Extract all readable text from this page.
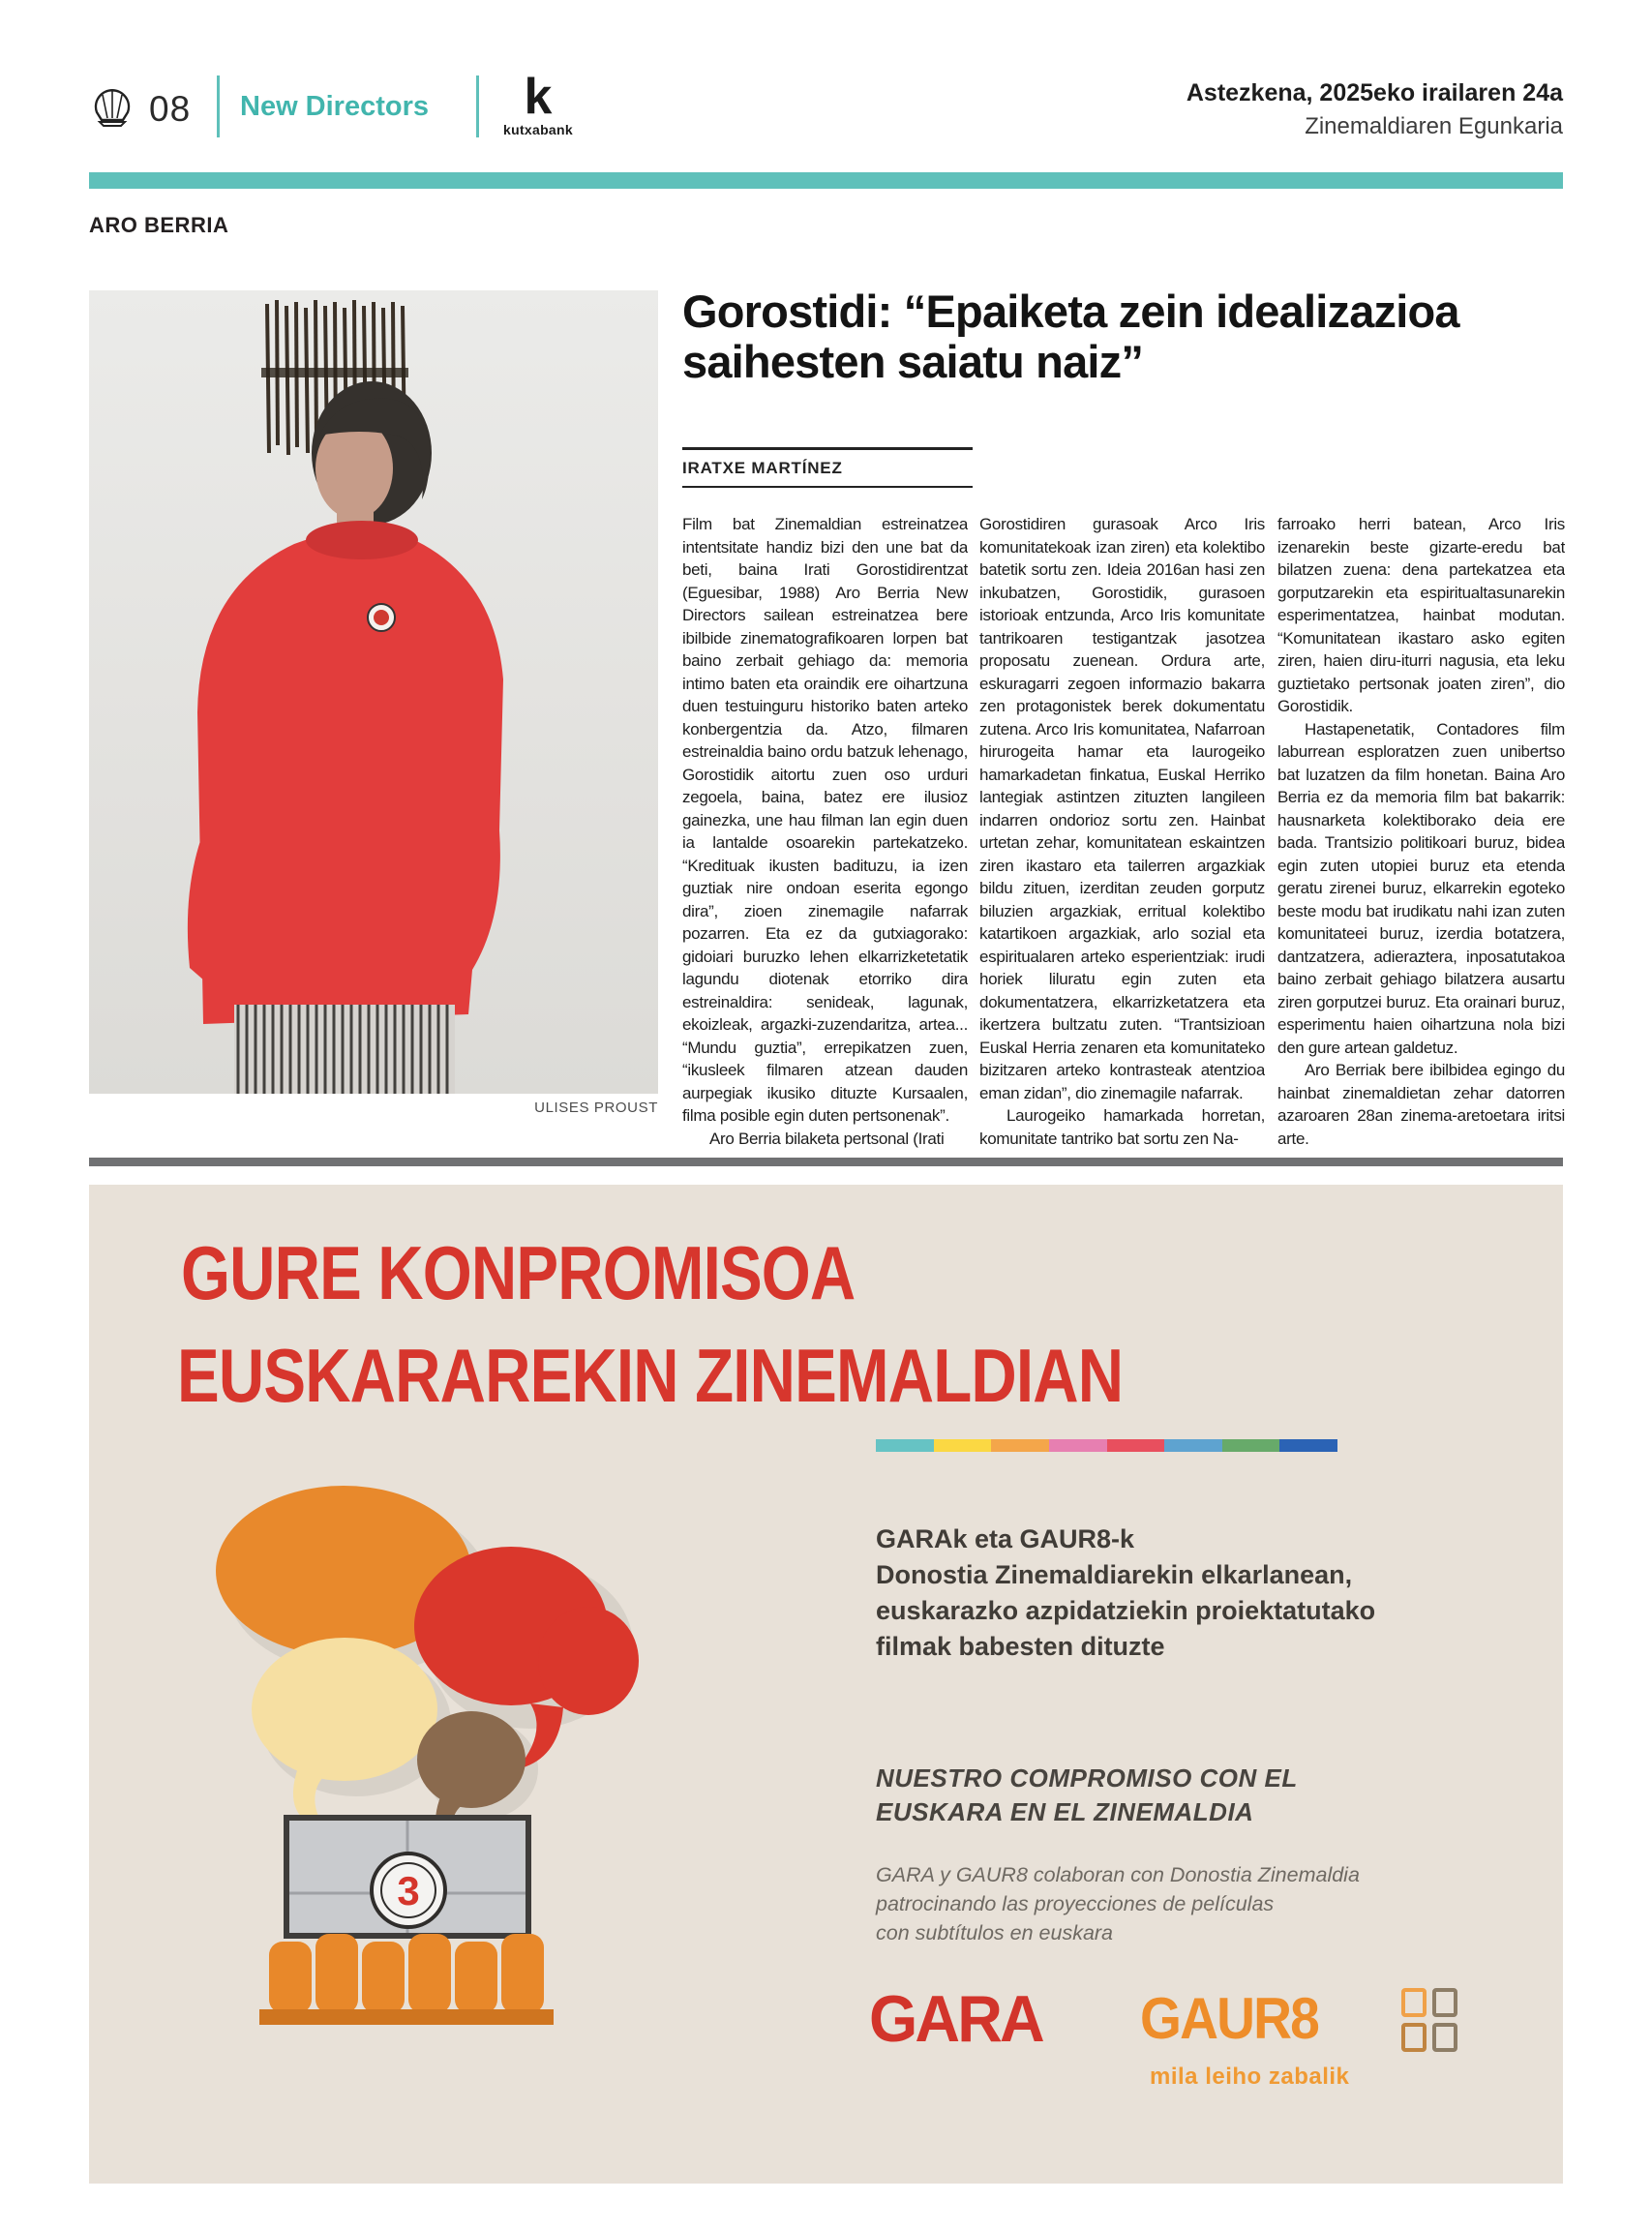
08 New Directors	k
kutxabank
Astezkena, 2025eko irailaren 24a
Zinemaldiaren Egunkaria
ARO BERRIA
ULISES PROUST
Gorostidi: “Epaiketa zein idealizazioa saihesten saiatu naiz”
IRATXE MARTÍNEZ

Film bat Zinemaldian estreinatzea intentsitate handiz bizi den une bat da beti, baina Irati Gorostidirentzat (Eguesibar, 1988) Aro Berria New Directors sailean estreinatzea bere ibilbide zinematografikoaren lorpen bat baino zerbait gehiago da: memoria intimo baten eta oraindik ere oihartzuna duen testuinguru historiko baten arteko konbergentzia da. Atzo, filmaren estreinaldia baino ordu batzuk lehenago, Gorostidik aitortu zuen oso urduri zegoela, baina, batez ere ilusioz gainezka, une hau filman lan egin duen ia lantalde osoarekin partekatzeko. “Kredituak ikusten badituzu, ia izen guztiak nire ondoan eserita egongo dira”, zioen zinemagile nafarrak pozarren. Eta ez da gutxiagorako: gidoiari buruzko lehen elkarrizketetatik lagundu diotenak etorriko dira estreinaldira: senideak, lagunak, ekoizleak, argazki-zuzendaritza, artea... “Mundu guztia”, errepikatzen zuen, “ikusleek filmaren atzean dauden aurpegiak ikusiko dituzte Kursaalen, filma posible egin duten pertsonenak”.

Aro Berria bilaketa pertsonal (Irati

Gorostidiren gurasoak Arco Iris komunitatekoak izan ziren) eta kolektibo batetik sortu zen. Ideia 2016an hasi zen inkubatzen, Gorostidik, gurasoen istorioak entzunda, Arco Iris komunitate tantrikoaren testigantzak jasotzea proposatu zuenean. Ordura arte, eskuragarri zegoen informazio bakarra zen protagonistek berek dokumentatu zutena. Arco Iris komunitatea, Nafarroan hirurogeita hamar eta laurogeiko hamarkadetan finkatua, Euskal Herriko lantegiak astintzen zituzten langileen indarren ondorioz sortu zen. Hainbat urtetan zehar, komunitatean eskaintzen ziren ikastaro eta tailerren argazkiak bildu zituen, izerditan zeuden gorputz biluzien argazkiak, erritual kolektibo katartikoen argazkiak, arlo sozial eta espiritualaren arteko esperientziak: irudi horiek liluratu egin zuten eta dokumentatzera, elkarrizketatzera eta ikertzera bultzatu zuten. “Trantsizioan Euskal Herria zenaren eta komunitateko bizitzaren arteko kontrasteak atentzioa eman zidan”, dio zinemagile nafarrak.

Laurogeiko hamarkada horretan, komunitate tantriko bat sortu zen Na-

farroako herri batean, Arco Iris izenarekin beste gizarte-eredu bat bilatzen zuena: dena partekatzea eta gorputzarekin eta espiritualtasunarekin esperimentatzea, hainbat modutan. “Komunitatean ikastaro asko egiten ziren, haien diru-iturri nagusia, eta leku guztietako pertsonak joaten ziren”, dio Gorostidik.

Hastapenetatik, Contadores film laburrean esploratzen zuen unibertso bat luzatzen da film honetan. Baina Aro Berria ez da memoria film bat bakarrik: hausnarketa kolektiborako deia ere bada. Trantsizio politikoari buruz, bidea egin zuten utopiei buruz eta etenda geratu zirenei buruz, elkarrekin egoteko beste modu bat irudikatu nahi izan zuten komunitateei buruz, izerdia botatzera, dantzatzera, adieraztera, inposatutakoa baino zerbait gehiago bilatzera ausartu ziren gorputzei buruz. Eta orainari buruz, esperimentu haien oihartzuna nola bizi den gure artean galdetuz.

Aro Berriak bere ibilbidea egingo du hainbat zinemaldietan zehar datorren azaroaren 28an zinema-aretoetara iritsi arte.

GURE KONPROMISOA
EUSKARAREKIN ZINEMALDIAN
GARAk eta GAUR8-k
Donostia Zinemaldiarekin elkarlanean,
euskarazko azpidatziekin proiektatutako
filmak babesten dituzte
NUESTRO COMPROMISO CON EL
EUSKARA EN EL ZINEMALDIA
GARA y GAUR8 colaboran con Donostia Zinemaldia
patrocinando las proyecciones de películas
con subtítulos en euskara
GARA GAUR8
mila leiho zabalik
3
